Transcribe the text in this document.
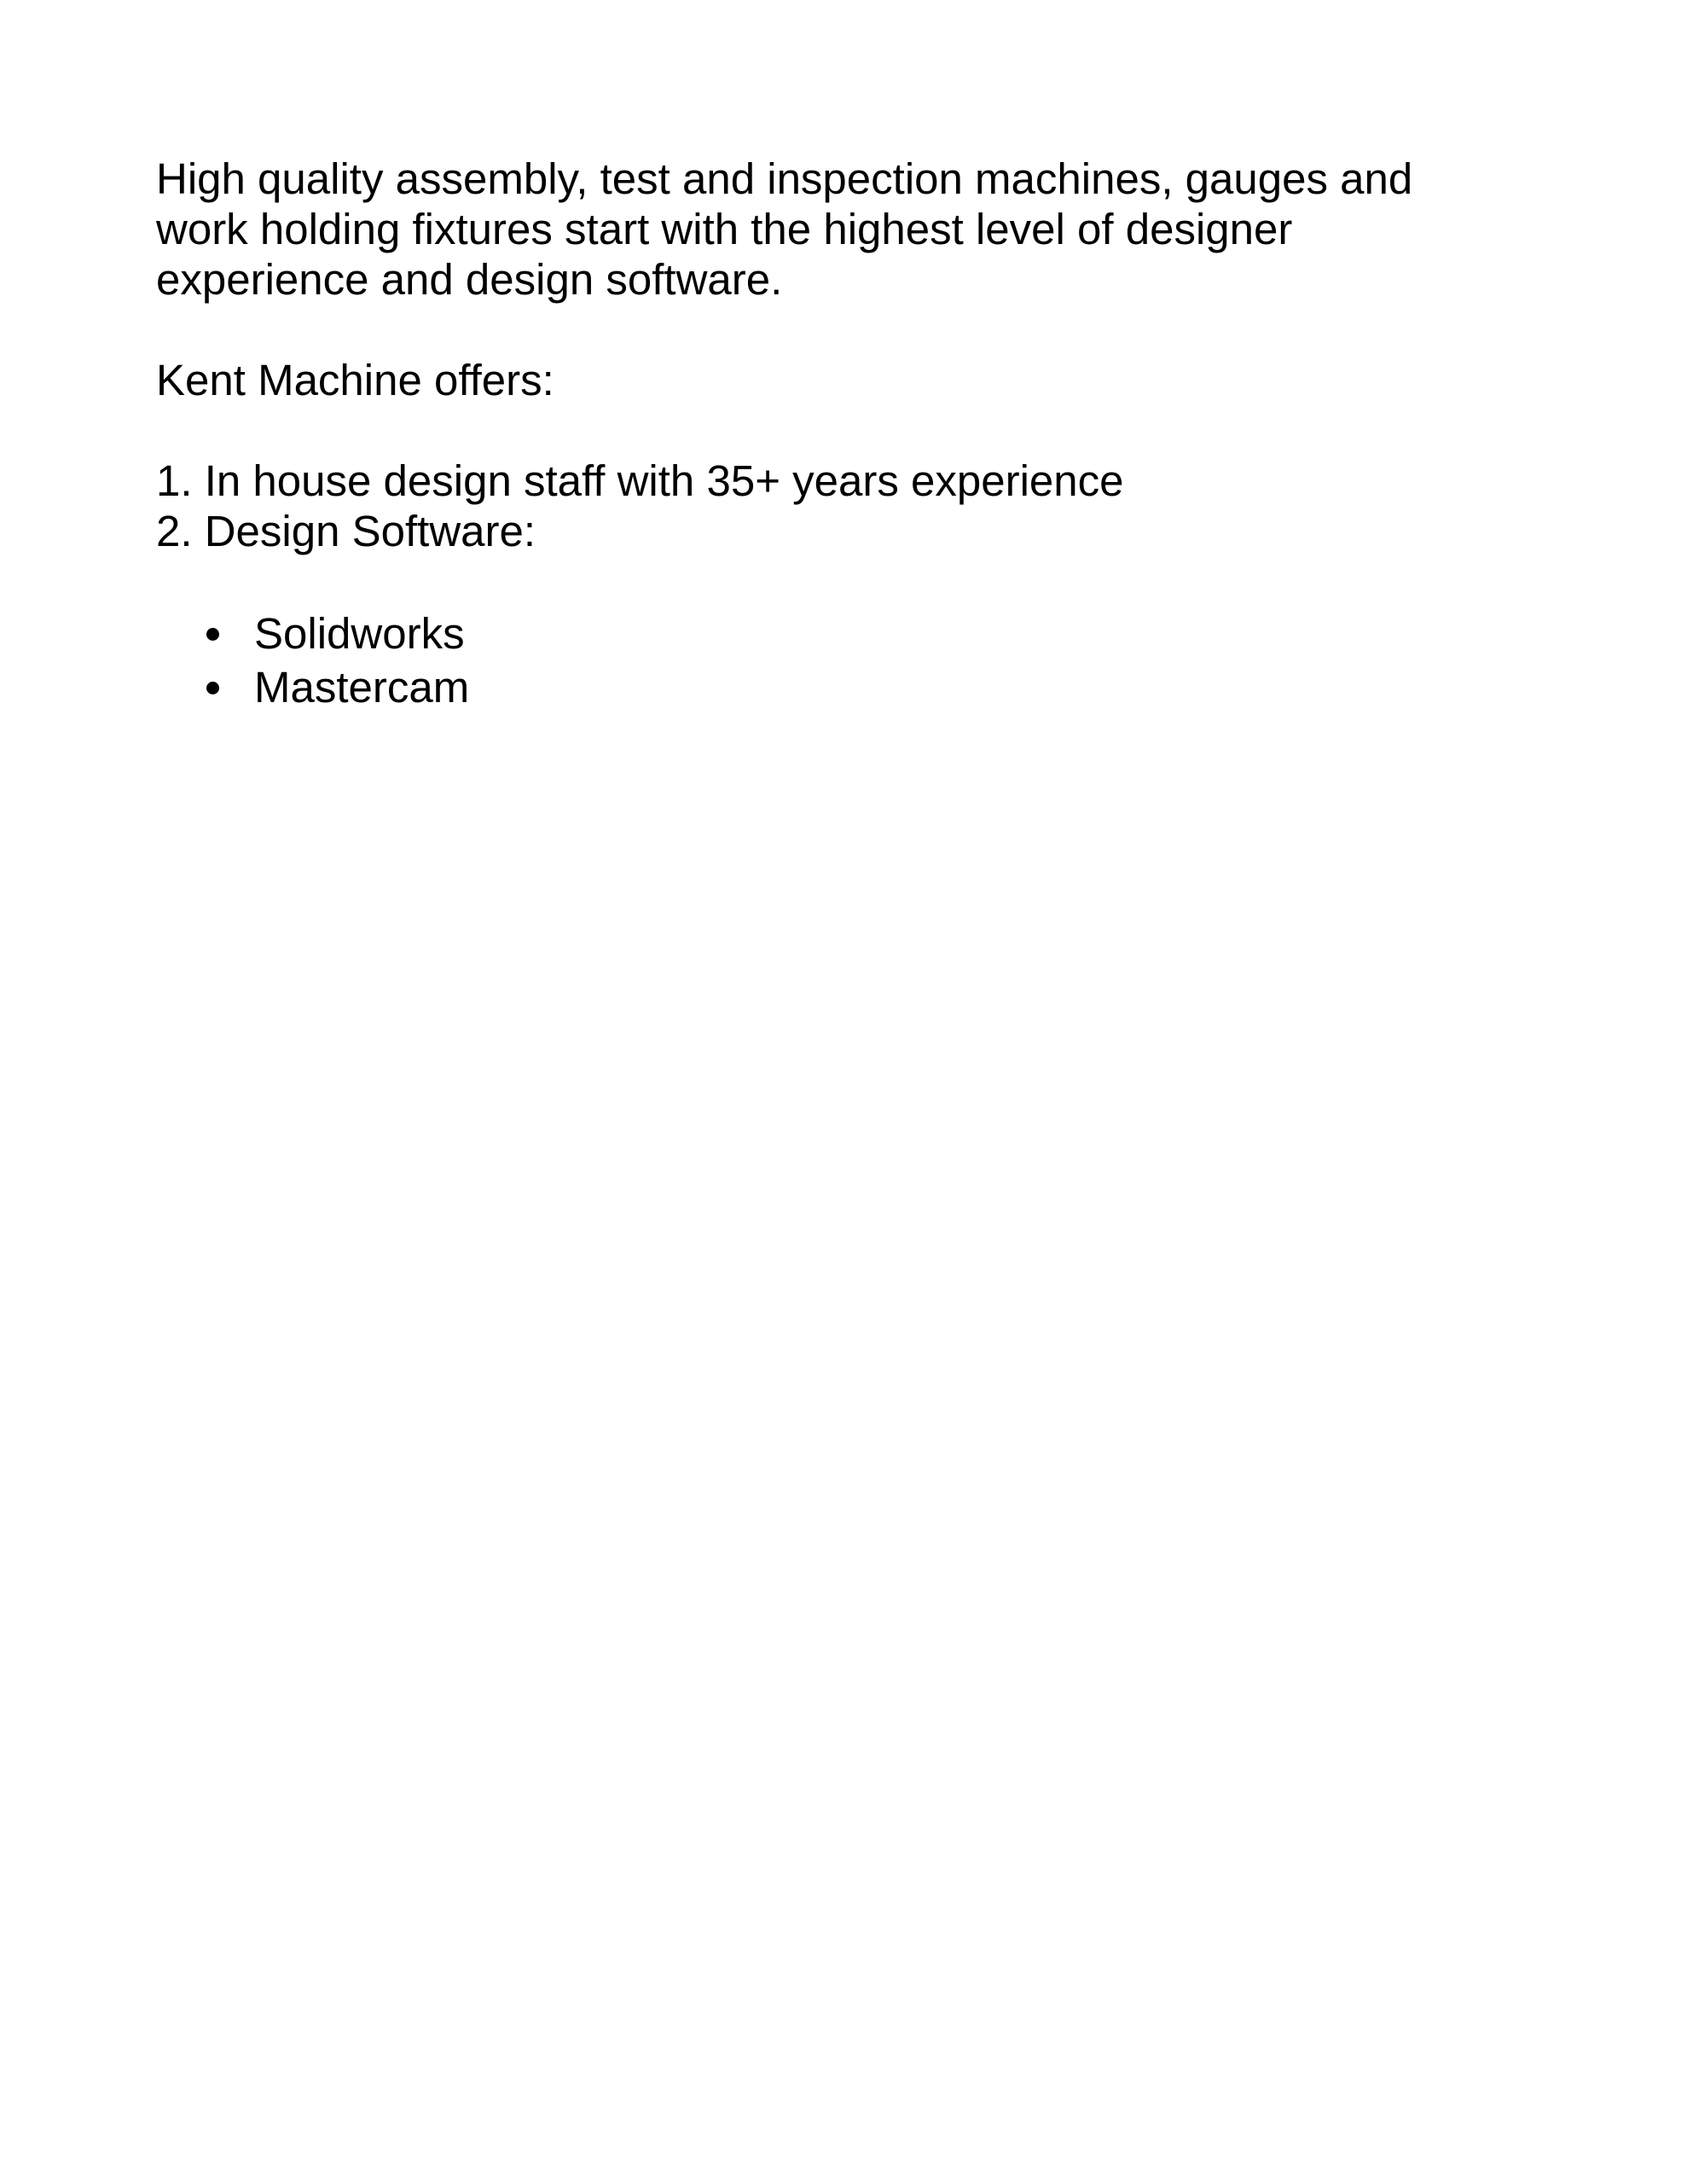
High quality assembly, test and inspection machines, gauges and
work holding fixtures start with the highest level of designer
experience and design software.

Kent Machine offers:

1. In house design staff with 35+ years experience
2. Design Software:
Solidworks
Mastercam
